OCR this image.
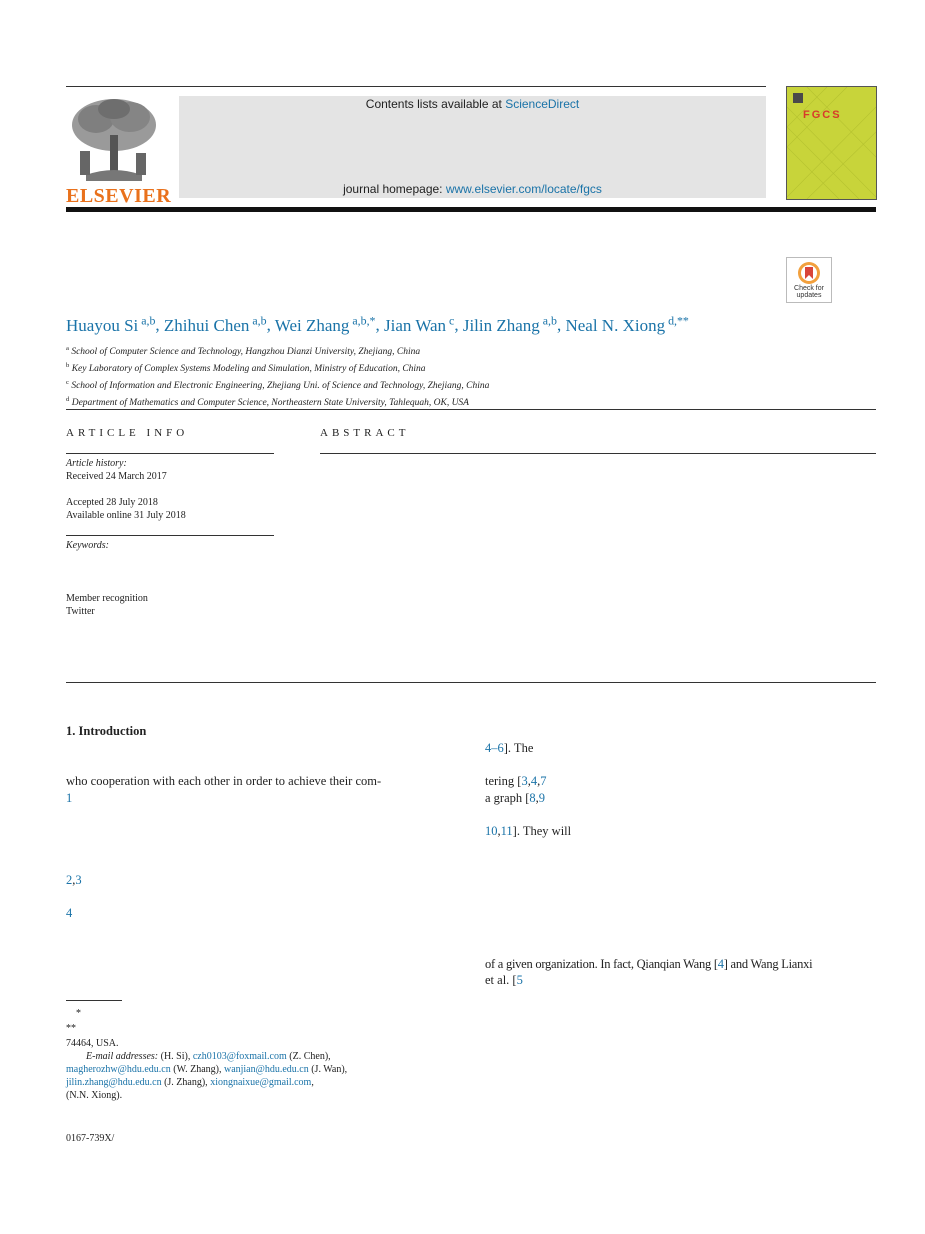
ELSEVIER
Contents lists available at ScienceDirect
journal homepage: www.elsevier.com/locate/fgcs
FGCS
Check for
updates
Huayou Si $^{a,b}$, Zhihui Chen $^{a,b}$, Wei Zhang $^{a,b,*}$, Jian Wan $^c$, Jilin Zhang $^{a,b}$, Neal N. Xiong $^{d,**}$
$^a$ School of Computer Science and Technology, Hangzhou Dianzi University, Zhejiang, China
$^b$ Key Laboratory of Complex Systems Modeling and Simulation, Ministry of Education, China
$^c$ School of Information and Electronic Engineering, Zhejiang Uni. of Science and Technology, Zhejiang, China
$^d$ Department of Mathematics and Computer Science, Northeastern State University, Tahlequah, OK, USA
ARTICLE INFO
Article history:
Received 24 March 2017
Accepted 28 July 2018
Available online 31 July 2018
Keywords:
Member recognition
Twitter
ABSTRACT
1. Introduction
who cooperation with each other in order to achieve their com-
1
2,3
4
4–6]. The
tering [3,4,7
a graph [8,9
10,11]. They will
of a given organization. In fact, Qianqian Wang [4] and Wang Lianxi
et al. [5
*
**
74464, USA.
E-mail addresses: (H. Si), czh0103@foxmail.com (Z. Chen),
magherozhw@hdu.edu.cn (W. Zhang), wanjian@hdu.edu.cn (J. Wan),
jilin.zhang@hdu.edu.cn (J. Zhang), xiongnaixue@gmail.com,
(N.N. Xiong).
0167-739X/
